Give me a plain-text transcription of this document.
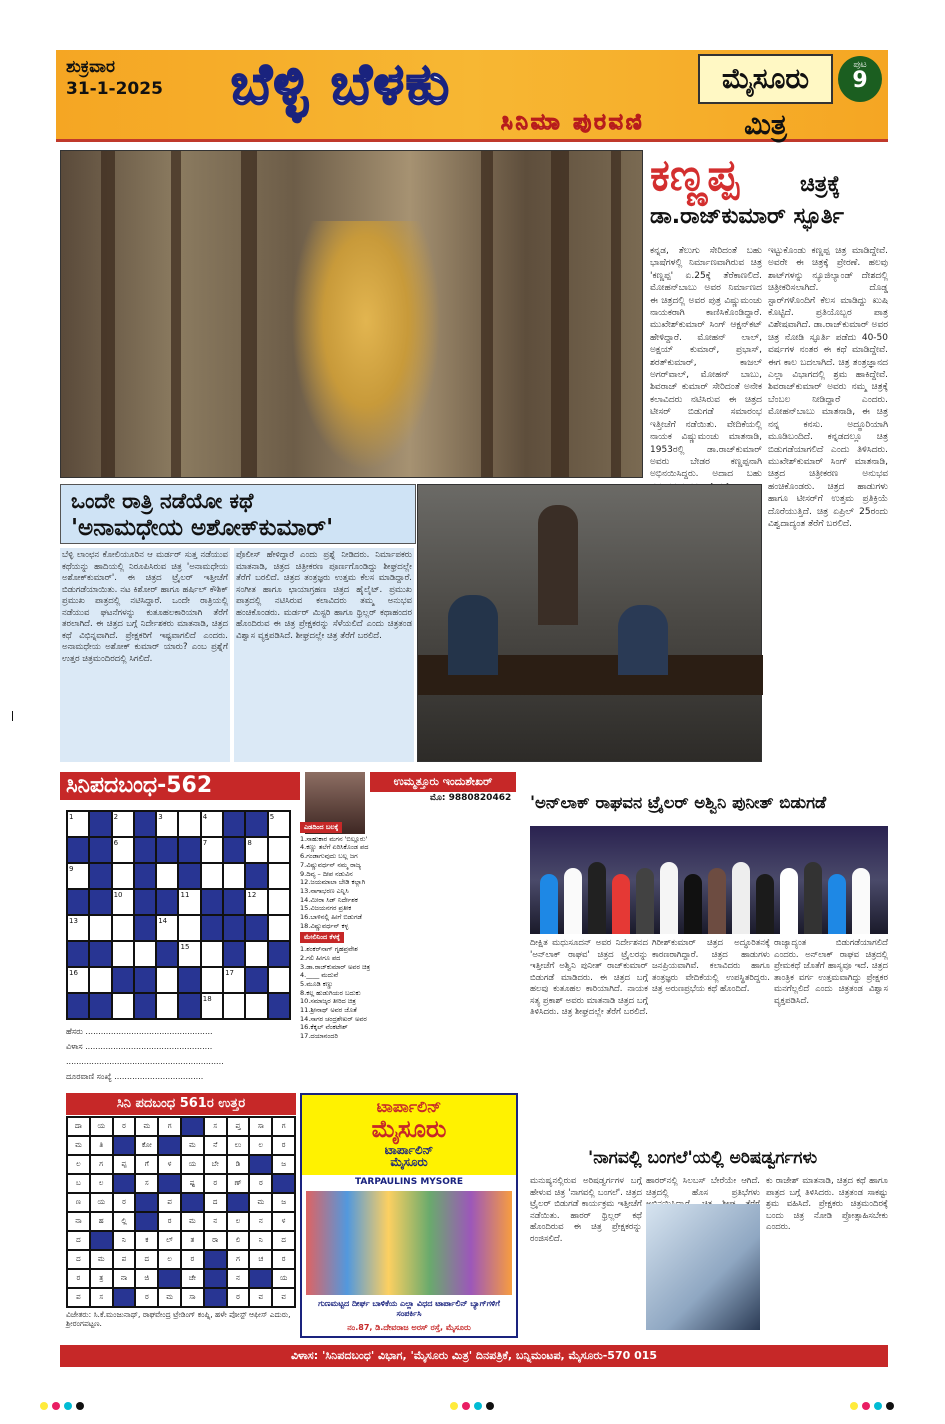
ಶುಕ್ರವಾರ
31-1-2025 ಬೆಳ್ಳಿ ಬೆಳಕು
ಸಿನಿಮಾ ಪುರವಣಿ
ಮೈಸೂರು ಮಿತ್ರ
ಪುಟ
9
ಕಣ್ಣಪ್ಪ	ಚಿತ್ರಕ್ಕೆ
ಡಾ.ರಾಜ್‌ಕುಮಾರ್ ಸ್ಫೂರ್ತಿ
ಕನ್ನಡ, ತೆಲುಗು ಸೇರಿದಂತೆ ಬಹು ಭಾಷೆಗಳಲ್ಲಿ ನಿರ್ಮಾಣವಾಗಿರುವ ಚಿತ್ರ 'ಕಣ್ಣಪ್ಪ' ಏ.25ಕ್ಕೆ ತೆರೆಕಾಣಲಿದೆ. ಮೋಹನ್‌ಬಾಬು ಅವರ ನಿರ್ಮಾಣದ ಈ ಚಿತ್ರದಲ್ಲಿ ಅವರ ಪುತ್ರ ವಿಷ್ಣುಮಂಚು ನಾಯಕರಾಗಿ ಕಾಣಿಸಿಕೊಂಡಿದ್ದಾರೆ. ಮುಖೇಶ್‌ಕುಮಾರ್ ಸಿಂಗ್ ಆಕ್ಷನ್‌ಕಟ್ ಹೇಳಿದ್ದಾರೆ. ಮೋಹನ್ ಲಾಲ್, ಅಕ್ಷಯ್ ಕುಮಾರ್, ಪ್ರಭಾಸ್, ಶರತ್‌ಕುಮಾರ್, ಕಾಜಲ್ ಅಗರ್‌ವಾಲ್, ಮೋಹನ್ ಬಾಬು, ಶಿವರಾಜ್ ಕುಮಾರ್ ಸೇರಿದಂತೆ ಅನೇಕ ಕಲಾವಿದರು ನಟಿಸಿರುವ ಈ ಚಿತ್ರದ ಟೀಸರ್ ಬಿಡುಗಡೆ ಸಮಾರಂಭ ಇತ್ತೀಚೆಗೆ ನಡೆಯಿತು. ವೇದಿಕೆಯಲ್ಲಿ ನಾಯಕ ವಿಷ್ಣುಮಂಚು ಮಾತನಾಡಿ, 1953ರಲ್ಲಿ ಡಾ.ರಾಜ್‌ಕುಮಾರ್ ಅವರು ಬೇಡರ ಕಣ್ಣಪ್ಪನಾಗಿ ಅಭಿನಯಿಸಿದ್ದರು. ಅದಾದ ಬಹು
ಇಟ್ಟುಕೊಂಡು ಕಣ್ಣಪ್ಪ ಚಿತ್ರ ಮಾಡಿದ್ದೇವೆ. ಅವರೇ ಈ ಚಿತ್ರಕ್ಕೆ ಪ್ರೇರಣೆ. ಹಲವು ಶಾಟ್‌ಗಳನ್ನು ನ್ಯೂಜಿಲ್ಯಾಂಡ್ ದೇಶದಲ್ಲಿ ಚಿತ್ರೀಕರಿಸಲಾಗಿದೆ. ದೊಡ್ಡ ಸ್ಟಾರ್‌ಗಳೊಂದಿಗೆ ಕೆಲಸ ಮಾಡಿದ್ದು ಖುಷಿ ಕೊಟ್ಟಿದೆ. ಪ್ರತಿಯೊಬ್ಬರ ಪಾತ್ರ ವಿಶೇಷವಾಗಿದೆ. ಡಾ.ರಾಜ್‌ಕುಮಾರ್ ಅವರ ಚಿತ್ರ ನೋಡಿ ಸ್ಫೂರ್ತಿ ಪಡೆದು 40-50 ವರ್ಷಗಳ ನಂತರ ಈ ಕಥೆ ಮಾಡಿದ್ದೇವೆ. ಈಗ ಕಾಲ ಬದಲಾಗಿದೆ. ಚಿತ್ರ ತಂತ್ರಜ್ಞಾನದ ಎಲ್ಲಾ ವಿಭಾಗದಲ್ಲಿ ಶ್ರಮ ಹಾಕಿದ್ದೇವೆ. ಶಿವರಾಜ್‌ಕುಮಾರ್ ಅವರು ನಮ್ಮ ಚಿತ್ರಕ್ಕೆ ಬೆಂಬಲ ನೀಡಿದ್ದಾರೆ ಎಂದರು. ಮೋಹನ್‌ಬಾಬು ಮಾತನಾಡಿ, ಈ ಚಿತ್ರ ನನ್ನ ಕನಸು. ಅದ್ಧೂರಿಯಾಗಿ ಮೂಡಿಬಂದಿದೆ. ಕನ್ನಡದಲ್ಲೂ ಚಿತ್ರ ಬಿಡುಗಡೆಯಾಗಲಿದೆ ಎಂದು ತಿಳಿಸಿದರು. ಮುಖೇಶ್‌ಕುಮಾರ್ ಸಿಂಗ್ ಮಾತನಾಡಿ, ಚಿತ್ರದ ಚಿತ್ರೀಕರಣ ಅನುಭವ ಹಂಚಿಕೊಂಡರು. ಚಿತ್ರದ ಹಾಡುಗಳು ಹಾಗೂ ಟೀಸರ್‌ಗೆ ಉತ್ತಮ ಪ್ರತಿಕ್ರಿಯೆ ದೊರೆಯುತ್ತಿದೆ. ಚಿತ್ರ ಏಪ್ರಿಲ್ 25ರಂದು ವಿಶ್ವದಾದ್ಯಂತ ತೆರೆಗೆ ಬರಲಿದೆ.
ಒಂದೇ ರಾತ್ರಿ ನಡೆಯೋ ಕಥೆ
'ಅನಾಮಧೇಯ ಅಶೋಕ್‌ಕುಮಾರ್'
ಬೆಳ್ಳಿ ಲಾಂಛನ ಕೋಲಿಯೂರಿನ ಆ ಮರ್ಡರ್ ಸುತ್ತ ನಡೆಯುವ ಕಥೆಯನ್ನು ಹಾದಿಯಲ್ಲಿ ನಿರೂಪಿಸಿರುವ ಚಿತ್ರ 'ಅನಾಮಧೇಯ ಅಶೋಕ್‌ಕುಮಾರ್'. ಈ ಚಿತ್ರದ ಟ್ರೈಲರ್ ಇತ್ತೀಚೆಗೆ ಬಿಡುಗಡೆಯಾಯಿತು. ನಟ ಕಿಶೋರ್ ಹಾಗೂ ಹರ್ಷಿಲ್ ಕೌಶಿಕ್ ಪ್ರಮುಖ ಪಾತ್ರದಲ್ಲಿ ನಟಿಸಿದ್ದಾರೆ. ಒಂದೇ ರಾತ್ರಿಯಲ್ಲಿ ನಡೆಯುವ ಘಟನೆಗಳನ್ನು ಕುತೂಹಲಕಾರಿಯಾಗಿ ತೆರೆಗೆ ತರಲಾಗಿದೆ. ಈ ಚಿತ್ರದ ಬಗ್ಗೆ ನಿರ್ದೇಶಕರು ಮಾತನಾಡಿ, ಚಿತ್ರದ ಕಥೆ ವಿಭಿನ್ನವಾಗಿದೆ. ಪ್ರೇಕ್ಷಕರಿಗೆ ಇಷ್ಟವಾಗಲಿದೆ ಎಂದರು. ಅನಾಮಧೇಯ ಅಶೋಕ್ ಕುಮಾರ್ ಯಾರು? ಎಂಬ ಪ್ರಶ್ನೆಗೆ ಉತ್ತರ ಚಿತ್ರಮಂದಿರದಲ್ಲಿ ಸಿಗಲಿದೆ.
ಪೊಲೀಸ್ ಹೇಳಿದ್ದಾರೆ ಎಂದು ಪ್ರಶ್ನೆ ನೀಡಿದರು. ನಿರ್ಮಾಪಕರು ಮಾತನಾಡಿ, ಚಿತ್ರದ ಚಿತ್ರೀಕರಣ ಪೂರ್ಣಗೊಂಡಿದ್ದು ಶೀಘ್ರದಲ್ಲೇ ತೆರೆಗೆ ಬರಲಿದೆ. ಚಿತ್ರದ ತಂತ್ರಜ್ಞರು ಉತ್ತಮ ಕೆಲಸ ಮಾಡಿದ್ದಾರೆ. ಸಂಗೀತ ಹಾಗೂ ಛಾಯಾಗ್ರಹಣ ಚಿತ್ರದ ಹೈಲೈಟ್. ಪ್ರಮುಖ ಪಾತ್ರದಲ್ಲಿ ನಟಿಸಿರುವ ಕಲಾವಿದರು ತಮ್ಮ ಅನುಭವ ಹಂಚಿಕೊಂಡರು. ಮರ್ಡರ್ ಮಿಸ್ಟರಿ ಹಾಗೂ ಥ್ರಿಲ್ಲರ್ ಕಥಾಹಂದರ ಹೊಂದಿರುವ ಈ ಚಿತ್ರ ಪ್ರೇಕ್ಷಕರನ್ನು ಸೆಳೆಯಲಿದೆ ಎಂದು ಚಿತ್ರತಂಡ ವಿಶ್ವಾಸ ವ್ಯಕ್ತಪಡಿಸಿದೆ. ಶೀಘ್ರದಲ್ಲೇ ಚಿತ್ರ ತೆರೆಗೆ ಬರಲಿದೆ.
ಸಿನಿಪದಬಂಧ-562	ಉಮ್ಮತ್ತೂರು ಇಂದುಶೇಖರ್
ಮೊ: 9880820462
1	2	3	4	5
6	7	8
9
10	11	12
13	14
15
16	17
18
ಎಡದಿಂದ ಬಲಕ್ಕೆ
1.ಸಾಹುಕಾರ ಮಗನ 'ಬಿಲ್ಲೂರು'
4.ಕಣ್ಣು ತಲೆಗೆ ಏರಿಸಿಕೊಂಡ ಪದ
6.ಗಂಡಾಗುವುದು ಬಲ್ಲ ಜಗ
7.ವಿಷ್ಣುವರ್ಧನ್ ನಮ್ಮ ರಾಜ್ಯ
9.ದಿವ್ಯ – ದೀಪ ನಡುವಿನ
12.ಜಯಮಾಲಾ ಬೇಡಿ ಕಲ್ಲಾಗಿ
13.ನಾಗಾಭರಣ ಎನ್ನಿಸಿ
14.ಮೀರಾ ಸಿಡ್ ನಿರ್ದೇಶಕ
15.ವಿಜಯನಗರ ಪ್ರತೀಕ
16.ಬಾಳಿನಲ್ಲಿ ಹೀಗೆ ಬಿಡುಗಡೆ
18.ವಿಷ್ಣುವರ್ಧನ್ ಕಳ್ಳ
ಮೇಲಿನಿಂದ ಕೆಳಕ್ಕೆ
1.ಶಂಕರ್‌ನಾಗ್ ಗೃಹಪ್ರವೇಶ
2.ಗಲಿ ಹೀಗೂ ಪದ
3.ಡಾ.ರಾಜ್‌ಕುಮಾರ್ ಅವರ ಚಿತ್ರ
4.____ ಮದುವೆ
5.ಮೂಡಿ ಕಣ್ಣು
8.ಕಲ್ಲ ಹುಡುಗಿಯರ ಬದುಕು
10.ಸಮಾಜ್ಕರ ತೀರಿದ ಚಿತ್ರ
11.ಶ್ರೀನಾಥ್ ಅವರ ಜೊತೆ
14.ಸಾಗರ ಚಂದ್ರಶೇಖರ್ ಅವರ
16.ಕೆಕ್ಕಲ್ ವೆಂಕಟೇಶ್
17.ದಯಾನಂದರಿ
ಹೆಸರು ..................................................
ವಿಳಾಸ ..................................................
..............................................................
ದೂರವಾಣಿ ಸಂಖ್ಯೆ ...................................
ಸಿನಿ ಪದಬಂಧ 561ರ ಉತ್ತರ
ದಾ	ಯ	ರ	ಮ	ಗ	ಸ	ಪ್ತ	ಸಾ	ಗ
ಮ	ತಿ	ಕೋ	ಮ	ನೆ	ಲು	ಲ	ರ
ಲ	ಗ	ಪ್ಪ	ಗೆ	ಳ	ಯ	ಬೇ	ಡಿ	ಜ
ಬ	ಲ	ಸ	ಷ್ಟ	ರ	ಣ್	ರ
ಣ	ಯ	ರ	ಪ	ದ	ಮ	ಜ
ನಾ	ಹ	ಲ್ಲಿ	ರ	ಮ	ನ	ಲ	ನ	ಳ
ದ	ನಿ	ಕ	ಲ್	ತ	ರಾ	ಲಿ	ನಿ	ದ
ದ	ಮ	ಪ	ದ	ಲ	ರ	ಗ	ಚ	ರ
ರ	ತ್ರ	ನಾ	ಜಿ	ಚೇ	ನ	ಯ
ಪ	ಸ	ರ	ಮ	ಸಾ	ರ	ವ	ವ
ವಿಜೇತರು: ಸಿ.ಕೆ.ಮಂಜುನಾಥ್, ರಾಘವೇಂದ್ರ ಟ್ರೇಡಿಂಗ್ ಕಂಪ್ನಿ, ಹಳೇ ಪೋಸ್ಟ್ ಆಫೀಸ್ ಎದುರು, ಶ್ರೀರಂಗಪಟ್ಟಣ.
ಟಾರ್ಪಾಲಿನ್
ಮೈಸೂರು
ಟಾರ್ಪಾಲಿನ್
ಮೈಸೂರು
TARPAULINS MYSORE
ಗುಣಮಟ್ಟದ ದೀರ್ಘ ಬಾಳಿಕೆಯ ಎಲ್ಲಾ ವಿಧದ ಟಾರ್ಪಾಲಿನ್ ಬ್ಯಾಗ್‌ಗಳಿಗೆ ಸಂಪರ್ಕಿಸಿ
ನಂ.87, ಡಿ.ದೇವರಾಜ ಅರಸ್ ರಸ್ತೆ, ಮೈಸೂರು
ವಿಳಾಸ: 'ಸಿನಿಪದಬಂಧ' ವಿಭಾಗ, 'ಮೈಸೂರು ಮಿತ್ರ' ದಿನಪತ್ರಿಕೆ, ಬನ್ನಿಮಂಟಪ, ಮೈಸೂರು-570 015
'ಅನ್‌ಲಾಕ್ ರಾಘವನ ಟ್ರೈಲರ್ ಅಶ್ವಿನಿ ಪುನೀತ್ ಬಿಡುಗಡೆ
ದೀಕ್ಷಿತ ಮಧುಸೂದನ್ ಅವರ ನಿರ್ದೇಶನದ 'ಅನ್‌ಲಾಕ್ ರಾಘವ' ಚಿತ್ರದ ಟ್ರೈಲರನ್ನು ಇತ್ತೀಚೆಗೆ ಅಶ್ವಿನಿ ಪುನೀತ್ ರಾಜ್‌ಕುಮಾರ್ ಬಿಡುಗಡೆ ಮಾಡಿದರು. ಈ ಚಿತ್ರದ ಬಗ್ಗೆ ಹಲವು ಕುತೂಹಲ ಕಾರಿಯಾಗಿದೆ. ನಾಯಕ ಸತ್ಯ ಪ್ರಕಾಶ್ ಅವರು ಮಾತನಾಡಿ ಚಿತ್ರದ ಬಗ್ಗೆ ತಿಳಿಸಿದರು. ಚಿತ್ರ ಶೀಘ್ರದಲ್ಲೇ ತೆರೆಗೆ ಬರಲಿದೆ.
ಗಿರೀಶ್‌ಕುಮಾರ್ ಚಿತ್ರದ ಅದ್ಧೂರಿತನಕ್ಕೆ ಕಾರಣರಾಗಿದ್ದಾರೆ. ಚಿತ್ರದ ಹಾಡುಗಳು ಜನಪ್ರಿಯವಾಗಿವೆ. ಕಲಾವಿದರು ಹಾಗೂ ತಂತ್ರಜ್ಞರು ವೇದಿಕೆಯಲ್ಲಿ ಉಪಸ್ಥಿತರಿದ್ದರು. ಚಿತ್ರ ಅರುಣಪ್ರಭೆಯ ಕಥೆ ಹೊಂದಿದೆ.
ರಾಜ್ಯಾದ್ಯಂತ ಬಿಡುಗಡೆಯಾಗಲಿದೆ ಎಂದರು. ಅನ್‌ಲಾಕ್ ರಾಘವ ಚಿತ್ರದಲ್ಲಿ ಪ್ರೇಮಕಥೆ ಜೊತೆಗೆ ಹಾಸ್ಯವೂ ಇದೆ. ಚಿತ್ರದ ತಾಂತ್ರಿಕ ವರ್ಗ ಉತ್ತಮವಾಗಿದ್ದು ಪ್ರೇಕ್ಷಕರ ಮನಗೆಲ್ಲಲಿದೆ ಎಂದು ಚಿತ್ರತಂಡ ವಿಶ್ವಾಸ ವ್ಯಕ್ತಪಡಿಸಿದೆ.
'ನಾಗವಲ್ಲಿ ಬಂಗಲೆ'ಯಲ್ಲಿ ಅರಿಷಡ್ವರ್ಗಗಳು
ಮನುಷ್ಯನಲ್ಲಿರುವ ಅರಿಷಡ್ವರ್ಗಗಳ ಬಗ್ಗೆ ಹೇಳುವ ಚಿತ್ರ 'ನಾಗವಲ್ಲಿ ಬಂಗಲೆ'. ಚಿತ್ರದ ಟ್ರೈಲರ್ ಬಿಡುಗಡೆ ಕಾರ್ಯಕ್ರಮ ಇತ್ತೀಚೆಗೆ ನಡೆಯಿತು. ಹಾರರ್ ಥ್ರಿಲ್ಲರ್ ಕಥೆ ಹೊಂದಿರುವ ಈ ಚಿತ್ರ ಪ್ರೇಕ್ಷಕರನ್ನು ರಂಜಿಸಲಿದೆ.
ಹಾರರ್‌ನಲ್ಲಿ ಸಿಲಬಸ್ ಬೇರೆಯೇ ಆಗಿದೆ. ಚಿತ್ರದಲ್ಲಿ ಹೊಸ ಪ್ರತಿಭೆಗಳು
ಕು ರಾಜೇಶ್ ಮಾತನಾಡಿ, ಚಿತ್ರದ ಕಥೆ ಹಾಗೂ ಪಾತ್ರದ ಬಗ್ಗೆ ತಿಳಿಸಿದರು. ಚಿತ್ರತಂಡ ಸಾಕಷ್ಟು ಶ್ರಮ ವಹಿಸಿದೆ. ಪ್ರೇಕ್ಷಕರು ಚಿತ್ರಮಂದಿರಕ್ಕೆ ಬಂದು ಚಿತ್ರ ನೋಡಿ ಪ್ರೋತ್ಸಾಹಿಸಬೇಕು ಎಂದರು.
